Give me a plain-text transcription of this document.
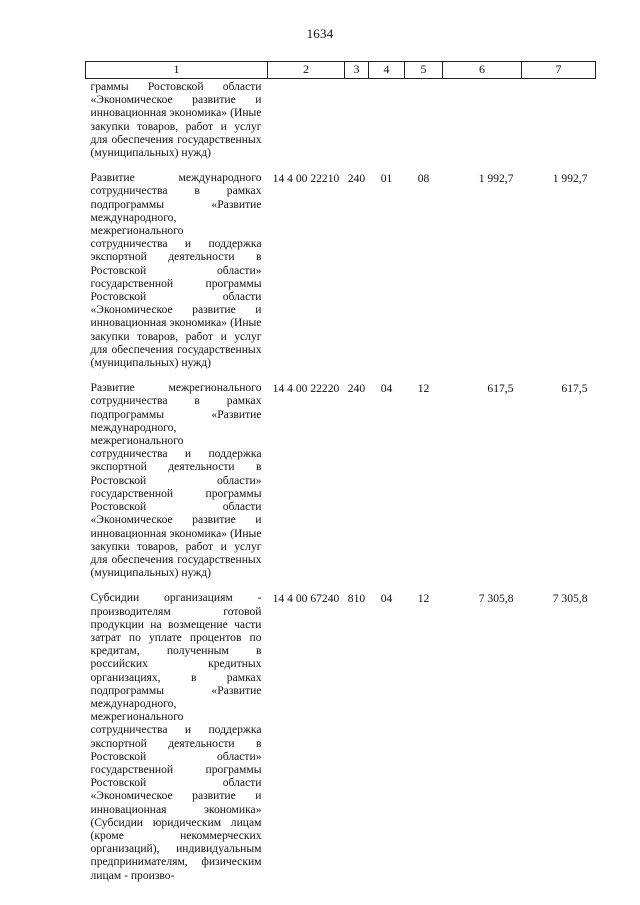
1634
1	2	3	4	5	6	7

граммы Ростовской области «Экономическое развитие и инновационная экономика» (Иные закупки товаров, работ и услуг для обеспечения государственных (муниципальных) нужд)						

Развитие международного сотрудничества в рамках подпрограммы «Развитие международного, межрегионального сотрудничества и поддержка экспортной деятельности в Ростовской области» государственной программы Ростовской области «Экономическое развитие и инновационная экономика» (Иные закупки товаров, работ и услуг для обеспечения государственных (муниципальных) нужд)	14 4 00 22210	240	01	08	1 992,7	1 992,7

Развитие межрегионального сотрудничества в рамках подпрограммы «Развитие международного, межрегионального сотрудничества и поддержка экспортной деятельности в Ростовской области» государственной программы Ростовской области «Экономическое развитие и инновационная экономика» (Иные закупки товаров, работ и услуг для обеспечения государственных (муниципальных) нужд)	14 4 00 22220	240	04	12	617,5	617,5

Субсидии организациям - производителям готовой продукции на возмещение части затрат по уплате процентов по кредитам, полученным в российских кредитных организациях, в рамках подпрограммы «Развитие международного, межрегионального сотрудничества и поддержка экспортной деятельности в Ростовской области» государственной программы Ростовской области «Экономическое развитие и инновационная экономика» (Субсидии юридическим лицам (кроме некоммерческих организаций), индивидуальным предпринимателям, физическим лицам - произво-	14 4 00 67240	810	04	12	7 305,8	7 305,8
